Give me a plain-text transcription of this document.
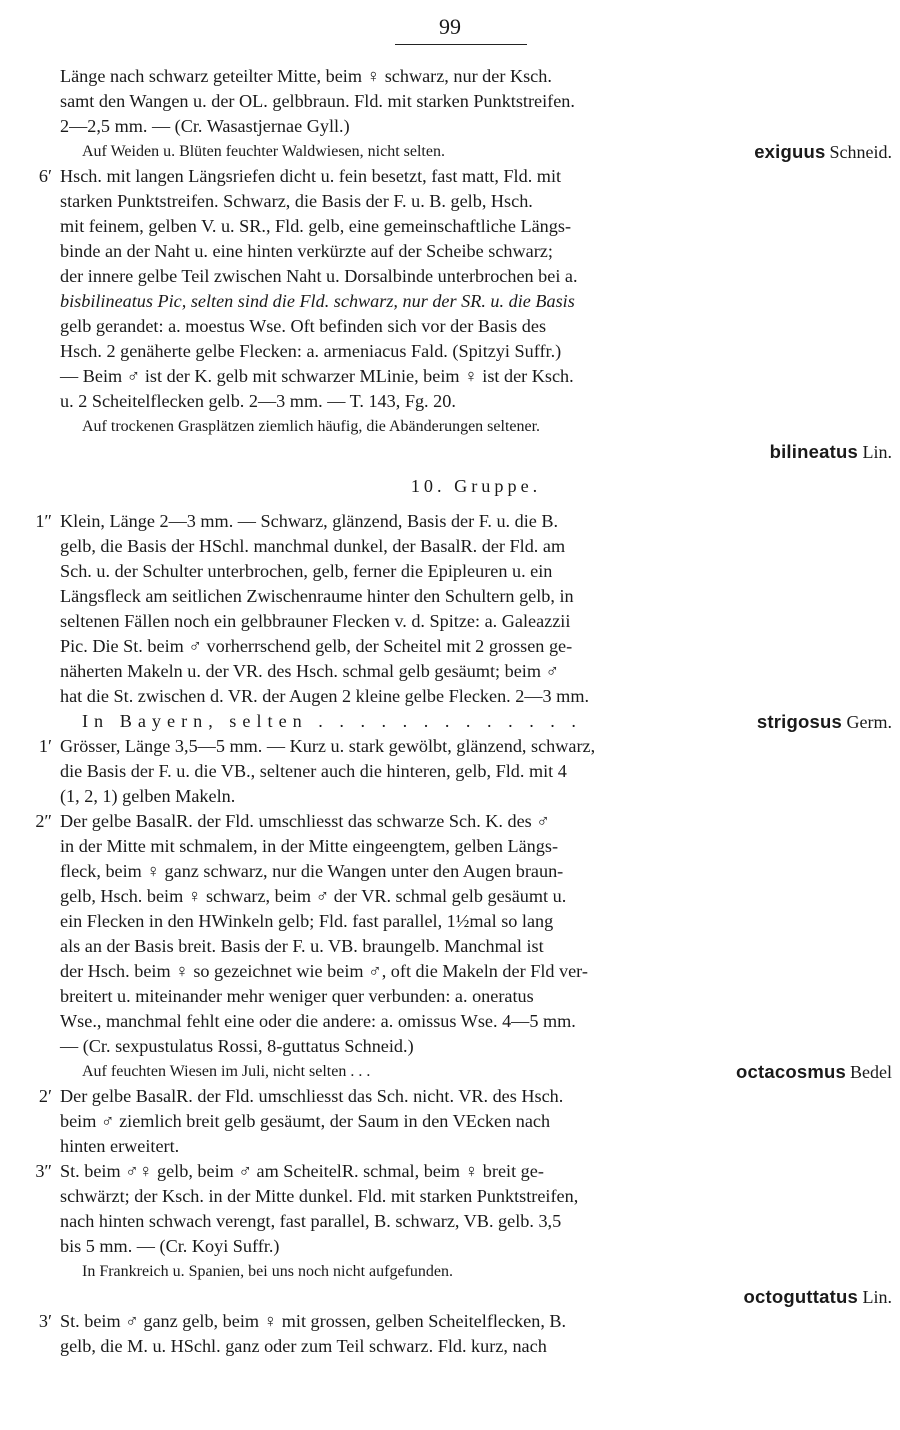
99
Länge nach schwarz geteilter Mitte, beim ♀ schwarz, nur der Ksch.
samt den Wangen u. der OL. gelbbraun. Fld. mit starken Punktstreifen.
2—2,5 mm. — (Cr. Wasastjernae Gyll.)
Auf Weiden u. Blüten feuchter Waldwiesen, nicht selten.	exiguus Schneid.
6′ Hsch. mit langen Längsriefen dicht u. fein besetzt, fast matt, Fld. mit
starken Punktstreifen. Schwarz, die Basis der F. u. B. gelb, Hsch.
mit feinem, gelben V. u. SR., Fld. gelb, eine gemeinschaftliche Längs-
binde an der Naht u. eine hinten verkürzte auf der Scheibe schwarz;
der innere gelbe Teil zwischen Naht u. Dorsalbinde unterbrochen bei a.
bisbilineatus Pic, selten sind die Fld. schwarz, nur der SR. u. die Basis
gelb gerandet: a. moestus Wse. Oft befinden sich vor der Basis des
Hsch. 2 genäherte gelbe Flecken: a. armeniacus Fald. (Spitzyi Suffr.)
— Beim ♂ ist der K. gelb mit schwarzer MLinie, beim ♀ ist der Ksch.
u. 2 Scheitelflecken gelb. 2—3 mm. — T. 143, Fg. 20.
Auf trockenen Grasplätzen ziemlich häufig, die Abänderungen seltener.
bilineatus Lin.
10. Gruppe.
1″ Klein, Länge 2—3 mm. — Schwarz, glänzend, Basis der F. u. die B.
gelb, die Basis der HSchl. manchmal dunkel, der BasalR. der Fld. am
Sch. u. der Schulter unterbrochen, gelb, ferner die Epipleuren u. ein
Längsfleck am seitlichen Zwischenraume hinter den Schultern gelb, in
seltenen Fällen noch ein gelbbrauner Flecken v. d. Spitze: a. Galeazzii
Pic. Die St. beim ♂ vorherrschend gelb, der Scheitel mit 2 grossen ge-
näherten Makeln u. der VR. des Hsch. schmal gelb gesäumt; beim ♂
hat die St. zwischen d. VR. der Augen 2 kleine gelbe Flecken. 2—3 mm.
In Bayern, selten . . . . . . . . . . . . .	strigosus Germ.
1′ Grösser, Länge 3,5—5 mm. — Kurz u. stark gewölbt, glänzend, schwarz,
die Basis der F. u. die VB., seltener auch die hinteren, gelb, Fld. mit 4
(1, 2, 1) gelben Makeln.
2″ Der gelbe BasalR. der Fld. umschliesst das schwarze Sch. K. des ♂
in der Mitte mit schmalem, in der Mitte eingeengtem, gelben Längs-
fleck, beim ♀ ganz schwarz, nur die Wangen unter den Augen braun-
gelb, Hsch. beim ♀ schwarz, beim ♂ der VR. schmal gelb gesäumt u.
ein Flecken in den HWinkeln gelb; Fld. fast parallel, 1½mal so lang
als an der Basis breit. Basis der F. u. VB. braungelb. Manchmal ist
der Hsch. beim ♀ so gezeichnet wie beim ♂, oft die Makeln der Fld ver-
breitert u. miteinander mehr weniger quer verbunden: a. oneratus
Wse., manchmal fehlt eine oder die andere: a. omissus Wse. 4—5 mm.
— (Cr. sexpustulatus Rossi, 8-guttatus Schneid.)
Auf feuchten Wiesen im Juli, nicht selten . . .	octacosmus Bedel
2′ Der gelbe BasalR. der Fld. umschliesst das Sch. nicht. VR. des Hsch.
beim ♂ ziemlich breit gelb gesäumt, der Saum in den VEcken nach
hinten erweitert.
3″ St. beim ♂♀ gelb, beim ♂ am ScheitelR. schmal, beim ♀ breit ge-
schwärzt; der Ksch. in der Mitte dunkel. Fld. mit starken Punktstreifen,
nach hinten schwach verengt, fast parallel, B. schwarz, VB. gelb. 3,5
bis 5 mm. — (Cr. Koyi Suffr.)
In Frankreich u. Spanien, bei uns noch nicht aufgefunden.
octoguttatus Lin.
3′ St. beim ♂ ganz gelb, beim ♀ mit grossen, gelben Scheitelflecken, B.
gelb, die M. u. HSchl. ganz oder zum Teil schwarz. Fld. kurz, nach
